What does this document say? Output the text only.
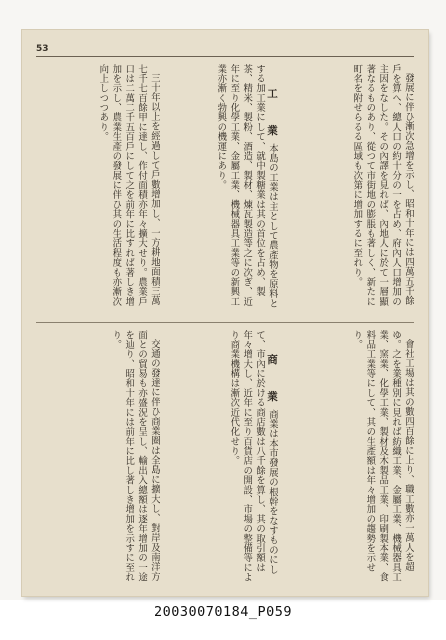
53
發展に伴ひ漸次急增を示し、昭和十年には四萬五千餘戶を算へ、總人口の約十分の一を占め、府內人口增加の主因をなした。その內譯を見れば、內地人に於て一層顯著なるものあり、從つて市街地の膨脹も著しく、新たに町名を附せらるる區域も次第に增加するに至れり。
工　業本島の工業は主として農產物を原料とする加工業にして、就中製糖業は其の首位を占め、製茶、精米、製粉、酒造、製材、煉瓦製造等之に次ぎ、近年に至り化學工業、金屬工業、機械器具工業等の新興工業亦漸く勃興の機運にあり。
三十年以上を經過して戶數增加し、一方耕地面積三萬七千七百餘甲に達し、作付面積亦年々擴大せり。農業戶口は二萬二千五百戶にして之を前年に比すれば著しき增加を示し、農業生產の發展に伴ひ其の生活程度も亦漸次向上しつつあり。
會社工場は其の數四百餘に上り、職工數亦一萬人を超ゆ。之を業種別に見れば紡織工業、金屬工業、機械器具工業、窯業、化學工業、製材及木製品工業、印刷製本業、食料品工業等にして、其の生產額は年々增加の趨勢を示せり。
商　業商業は本市發展の根幹をなすものにして、市內に於ける商店數は八千餘を算し、其の取引額は年々增大し、近年に至り百貨店の開設、市場の整備等により商業機構は漸次近代化せり。
交通の發達に伴ひ商業圈は全島に擴大し、對岸及南洋方面との貿易も亦盛況を呈し、輸出入總額は逐年增加の一途を辿り、昭和十年には前年に比し著しき增加を示すに至れり。
20030070184_P059
